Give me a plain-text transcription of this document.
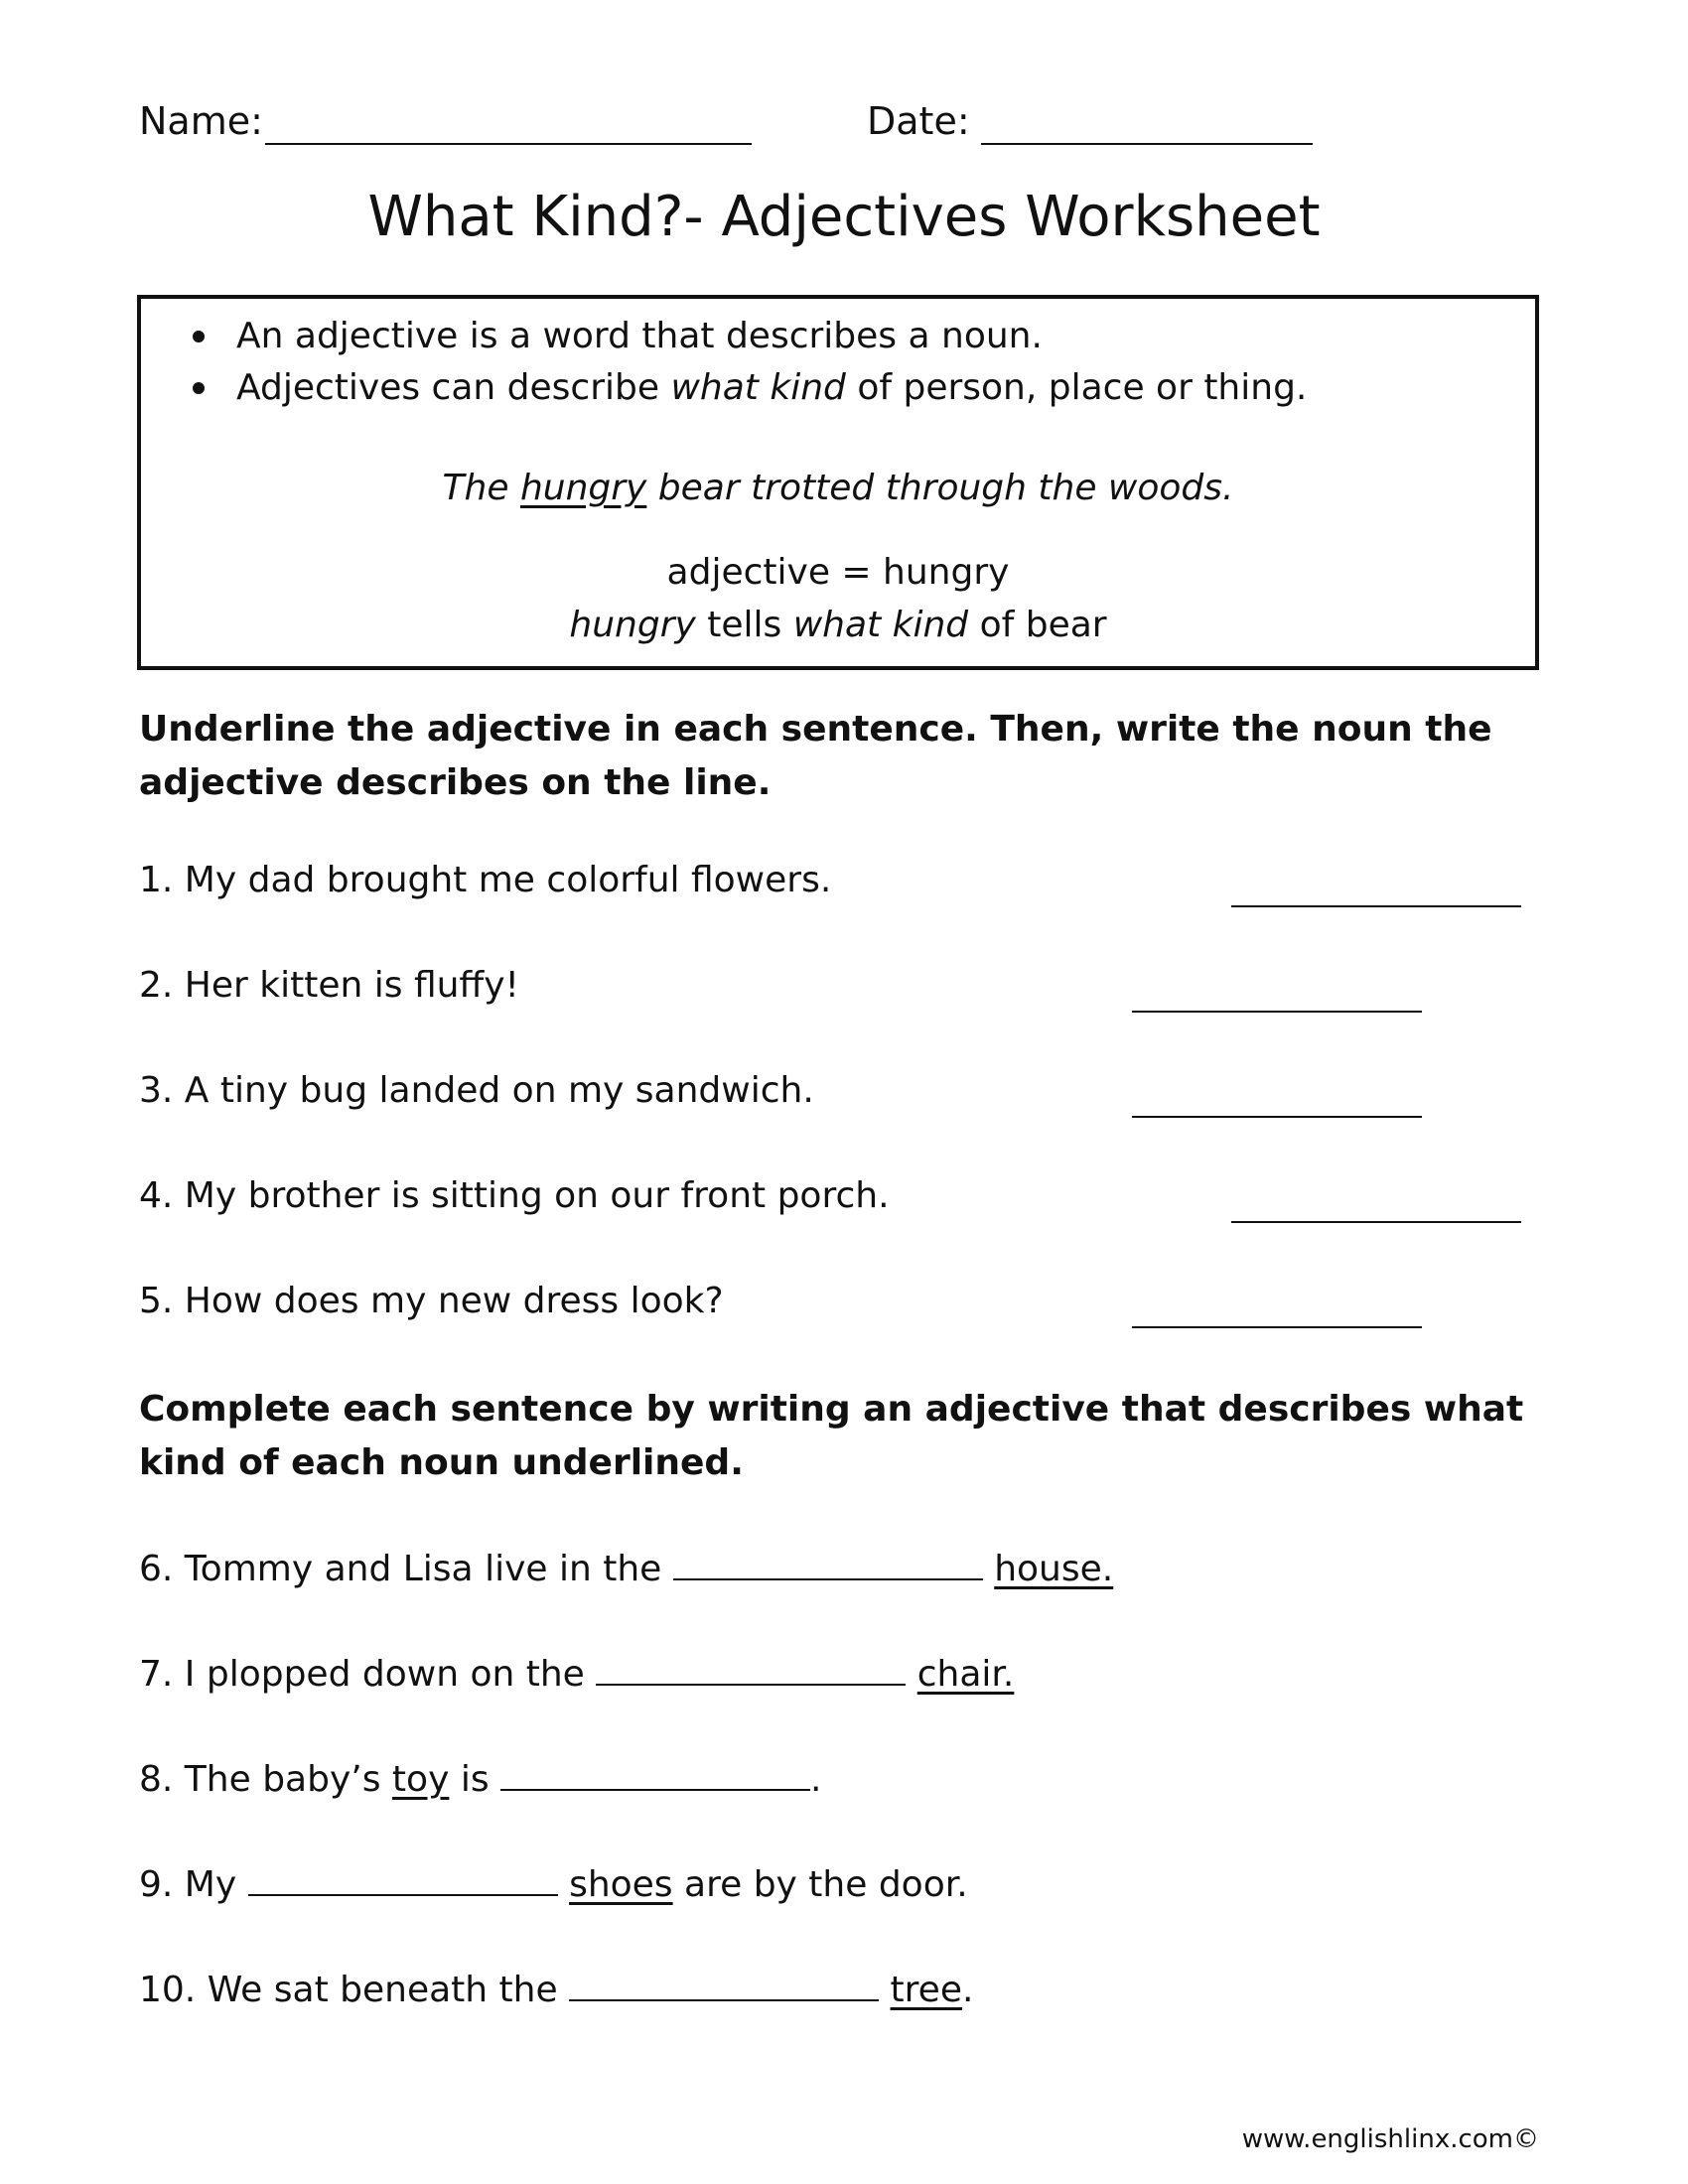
Name:	Date:
What Kind?- Adjectives Worksheet
An adjective is a word that describes a noun.
Adjectives can describe what kind of person, place or thing.
The hungry bear trotted through the woods.
adjective = hungry
hungry tells what kind of bear
Underline the adjective in each sentence. Then, write the noun the adjective describes on the line.
1. My dad brought me colorful flowers.
2. Her kitten is fluffy!
3. A tiny bug landed on my sandwich.
4. My brother is sitting on our front porch.
5. How does my new dress look?
Complete each sentence by writing an adjective that describes what kind of each noun underlined.
6. Tommy and Lisa live in the	house.
7. I plopped down on the	chair.
8. The baby’s toy is	.
9. My	shoes are by the door.
10. We sat beneath the	tree.
www.englishlinx.com©
